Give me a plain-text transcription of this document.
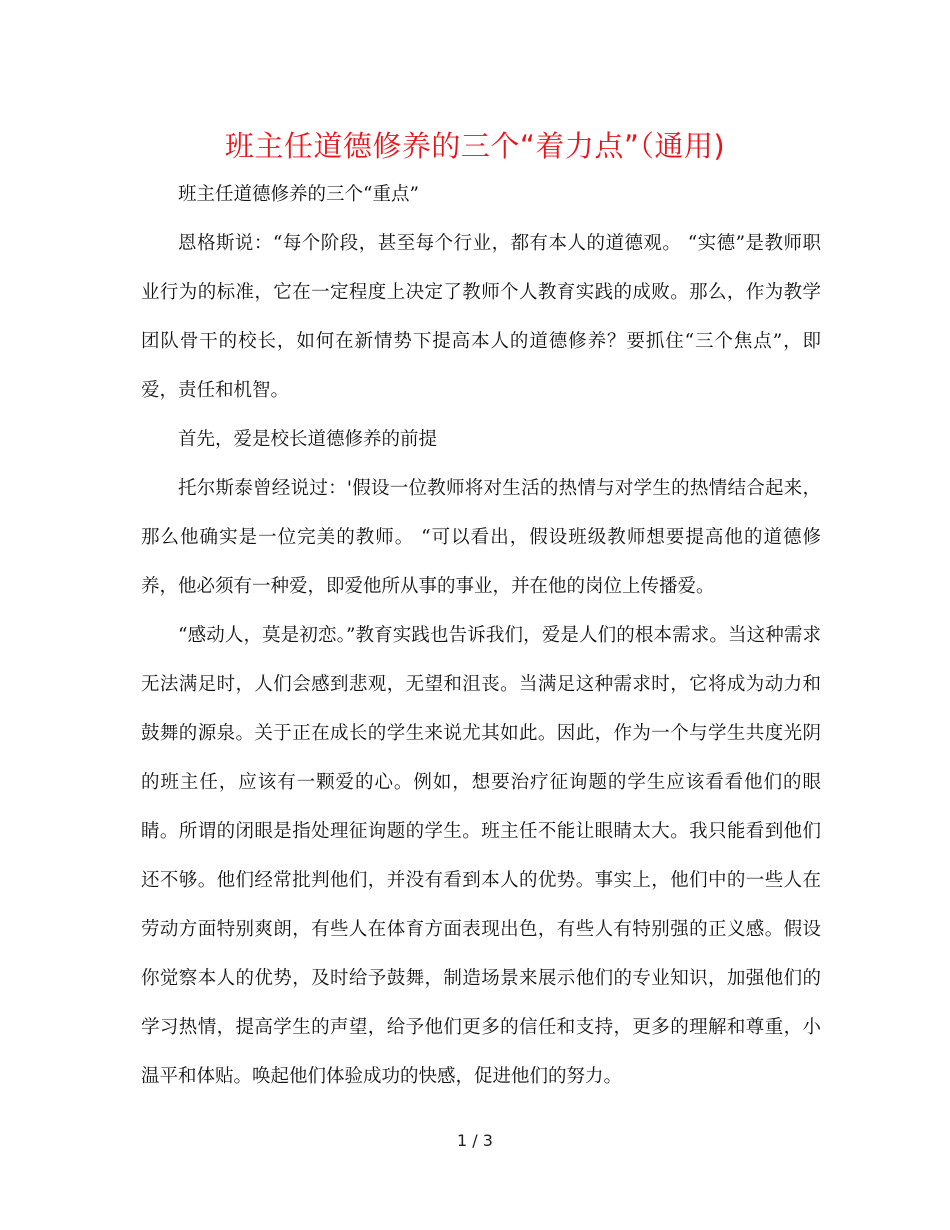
班主任道德修养的三个“着力点”（通用)

班主任道德修养的三个“重点”

恩格斯说：“每个阶段，甚至每个行业，都有本人的道德观。 “实德”是教师职业行为的标准，它在一定程度上决定了教师个人教育实践的成败。那么，作为教学团队骨干的校长，如何在新情势下提高本人的道德修养？要抓住“三个焦点”，即爱，责任和机智。

首先，爱是校长道德修养的前提

托尔斯泰曾经说过：'假设一位教师将对生活的热情与对学生的热情结合起来，那么他确实是一位完美的教师。 “可以看出，假设班级教师想要提高他的道德修养，他必须有一种爱，即爱他所从事的事业，并在他的岗位上传播爱。

“感动人，莫是初恋。”教育实践也告诉我们，爱是人们的根本需求。当这种需求无法满足时，人们会感到悲观，无望和沮丧。当满足这种需求时，它将成为动力和鼓舞的源泉。关于正在成长的学生来说尤其如此。因此，作为一个与学生共度光阴的班主任，应该有一颗爱的心。例如，想要治疗征询题的学生应该看看他们的眼睛。所谓的闭眼是指处理征询题的学生。班主任不能让眼睛太大。我只能看到他们还不够。他们经常批判他们，并没有看到本人的优势。事实上，他们中的一些人在劳动方面特别爽朗，有些人在体育方面表现出色，有些人有特别强的正义感。假设你觉察本人的优势，及时给予鼓舞，制造场景来展示他们的专业知识，加强他们的学习热情，提高学生的声望，给予他们更多的信任和支持，更多的理解和尊重，小温平和体贴。唤起他们体验成功的快感，促进他们的努力。

1 / 3
